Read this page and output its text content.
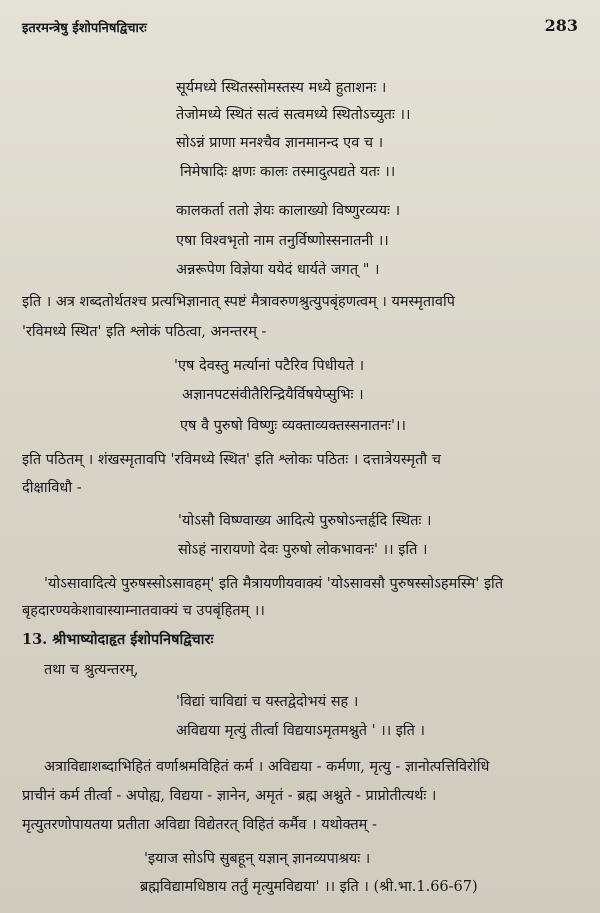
इतरमन्त्रेषु ईशोपनिषद्विचारः	283
सूर्यमध्ये स्थितस्सोमस्तस्य मध्ये हुताशनः ।
तेजोमध्ये स्थितं सत्वं सत्वमध्ये स्थितोऽच्युतः ।।
सोऽन्नं प्राणा मनश्चैव ज्ञानमानन्द एव च ।
निमेषादिः क्षणः कालः तस्मादुत्पद्यते यतः ।।
कालकर्ता ततो ज्ञेयः कालाख्यो विष्णुरव्ययः ।
एषा विश्वभृतो नाम तनुर्विष्णोस्सनातनी ।।
अन्नरूपेण विज्ञेया ययेदं धार्यते जगत् " ।
इति । अत्र शब्दतोर्थतश्च प्रत्यभिज्ञानात् स्पष्टं मैत्रावरुणश्रुत्युपबृंहणत्वम् । यमस्मृतावपि
'रविमध्ये स्थित' इति श्लोकं पठित्वा, अनन्तरम् -
'एष देवस्तु मर्त्यानां पटैरिव पिधीयते ।
अज्ञानपटसंवीतैरिन्द्रियैर्विषयेप्सुभिः ।
एष वै पुरुषो विष्णुः व्यक्ताव्यक्तस्सनातनः'।।
इति पठितम् । शंखस्मृतावपि 'रविमध्ये स्थित' इति श्लोकः पठितः । दत्तात्रेयस्मृतौ च
दीक्षाविधौ -
'योऽसौ विष्ण्वाख्य आदित्ये पुरुषोऽन्तर्हृदि स्थितः ।
सोऽहं नारायणो देवः पुरुषो लोकभावनः' ।। इति ।
'योऽसावादित्ये पुरुषस्सोऽसावहम्' इति मैत्रायणीयवाक्यं 'योऽसावसौ पुरुषस्सोऽहमस्मि' इति
बृहदारण्यकेशावास्याम्नातवाक्यं च उपबृंहितम् ।।
13. श्रीभाष्योदाहृत ईशोपनिषद्विचारः
तथा च श्रुत्यन्तरम्,
'विद्यां चाविद्यां च यस्तद्वेदोभयं सह ।
अविद्यया मृत्युं तीर्त्वा विद्ययाऽमृतमश्नुते ' ।। इति ।
अत्राविद्याशब्दाभिहितं वर्णाश्रमविहितं कर्म । अविद्यया - कर्मणा, मृत्यु - ज्ञानोत्पत्तिविरोधि
प्राचीनं कर्म तीर्त्वा - अपोह्य, विद्यया - ज्ञानेन, अमृतं - ब्रह्म अश्नुते - प्राप्नोतीत्यर्थः ।
मृत्युतरणोपायतया प्रतीता अविद्या विद्येतरत् विहितं कर्मैव । यथोक्तम् -
'इयाज सोऽपि सुबहून् यज्ञान् ज्ञानव्यपाश्रयः ।
ब्रह्मविद्यामधिष्ठाय तर्तुं मृत्युमविद्यया' ।। इति । (श्री.भा.1.66-67)
